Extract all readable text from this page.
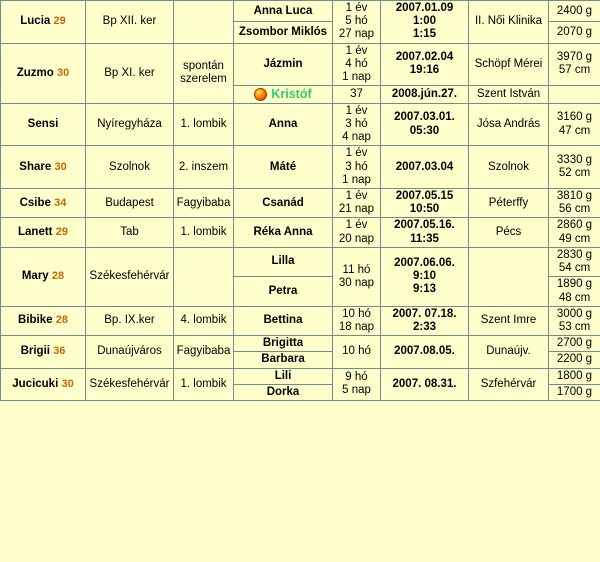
Lucia 29	Bp XII. ker		Anna Luca	1 év
5 hó
27 nap	2007.01.09
1:00
1:15	II. Női Klinika	2400 g

			Zsombor Miklós				2070 g

Zuzmo 30	Bp XI. ker	spontán szerelem	Jázmin	1 év
4 hó
1 nap	2007.02.04
19:16	Schöpf Mérei	3970 g
57 cm

			Kristóf	37	2008.jún.27.	Szent István	

Sensi	Nyíregyháza	1. lombik	Anna	1 év
3 hó
4 nap	2007.03.01.
05:30	Jósa András	3160 g
47 cm

Share 30	Szolnok	2. inszem	Máté	1 év
3 hó
1 nap	2007.03.04	Szolnok	3330 g
52 cm

Csibe 34	Budapest	Fagyibaba	Csanád	1 év
21 nap	2007.05.15
10:50	Péterffy	3810 g
56 cm

Lanett 29	Tab	1. lombik	Réka Anna	1 év
20 nap	2007.05.16.
11:35	Pécs	2860 g
49 cm

Mary 28	Székesfehérvár		Lilla	11 hó
30 nap	2007.06.06.
9:10
9:13		2830 g
54 cm

			Petra				1890 g
48 cm

Bibike 28	Bp. IX.ker	4. lombik	Bettina	10 hó
18 nap	2007. 07.18.
2:33	Szent Imre	3000 g
53 cm

Brigii 36	Dunaújváros	Fagyibaba	Brigitta	10 hó	2007.08.05.	Dunaújv.	2700 g

			Barbara				2200 g

Jucicuki 30	Székesfehérvár	1. lombik	Lili	9 hó
5 nap	2007. 08.31.	Szfehérvár	1800 g

			Dorka				1700 g
